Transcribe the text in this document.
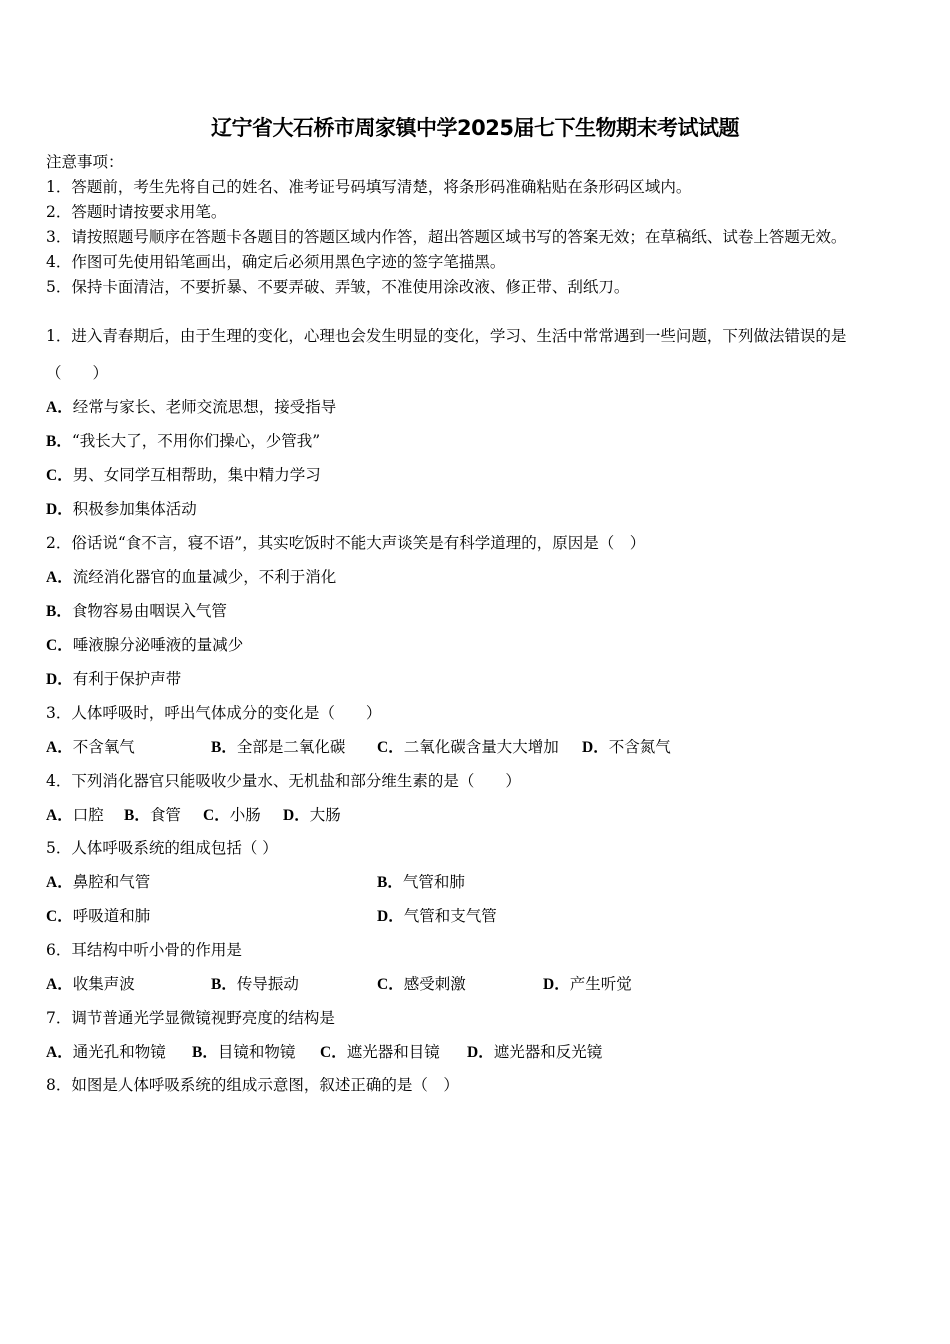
辽宁省大石桥市周家镇中学2025届七下生物期末考试试题
注意事项：
1．答题前，考生先将自己的姓名、准考证号码填写清楚，将条形码准确粘贴在条形码区域内。
2．答题时请按要求用笔。
3．请按照题号顺序在答题卡各题目的答题区域内作答，超出答题区域书写的答案无效；在草稿纸、试卷上答题无效。
4．作图可先使用铅笔画出，确定后必须用黑色字迹的签字笔描黑。
5．保持卡面清洁，不要折暴、不要弄破、弄皱，不准使用涂改液、修正带、刮纸刀。
1．进入青春期后，由于生理的变化，心理也会发生明显的变化，学习、生活中常常遇到一些问题，下列做法错误的是
（　　）
A．经常与家长、老师交流思想，接受指导
B．“我长大了，不用你们操心，少管我”
C．男、女同学互相帮助，集中精力学习
D．积极参加集体活动
2．俗话说“食不言，寝不语”，其实吃饭时不能大声谈笑是有科学道理的，原因是（　）
A．流经消化器官的血量减少，不利于消化
B．食物容易由咽误入气管
C．唾液腺分泌唾液的量减少
D．有利于保护声带
3．人体呼吸时，呼出气体成分的变化是（　　）
A．不含氧气	B．全部是二氧化碳 C．二氧化碳含量大大增加 D．不含氮气
4．下列消化器官只能吸收少量水、无机盐和部分维生素的是（　　）
A．口腔 B．食管 C．小肠 D．大肠
5．人体呼吸系统的组成包括（ ）
A．鼻腔和气管	B．气管和肺
C．呼吸道和肺	D．气管和支气管
6．耳结构中听小骨的作用是
A．收集声波	B．传导振动	C．感受刺激	D．产生听觉
7．调节普通光学显微镜视野亮度的结构是
A．通光孔和物镜 B．目镜和物镜 C．遮光器和目镜 D．遮光器和反光镜
8．如图是人体呼吸系统的组成示意图，叙述正确的是（　）
